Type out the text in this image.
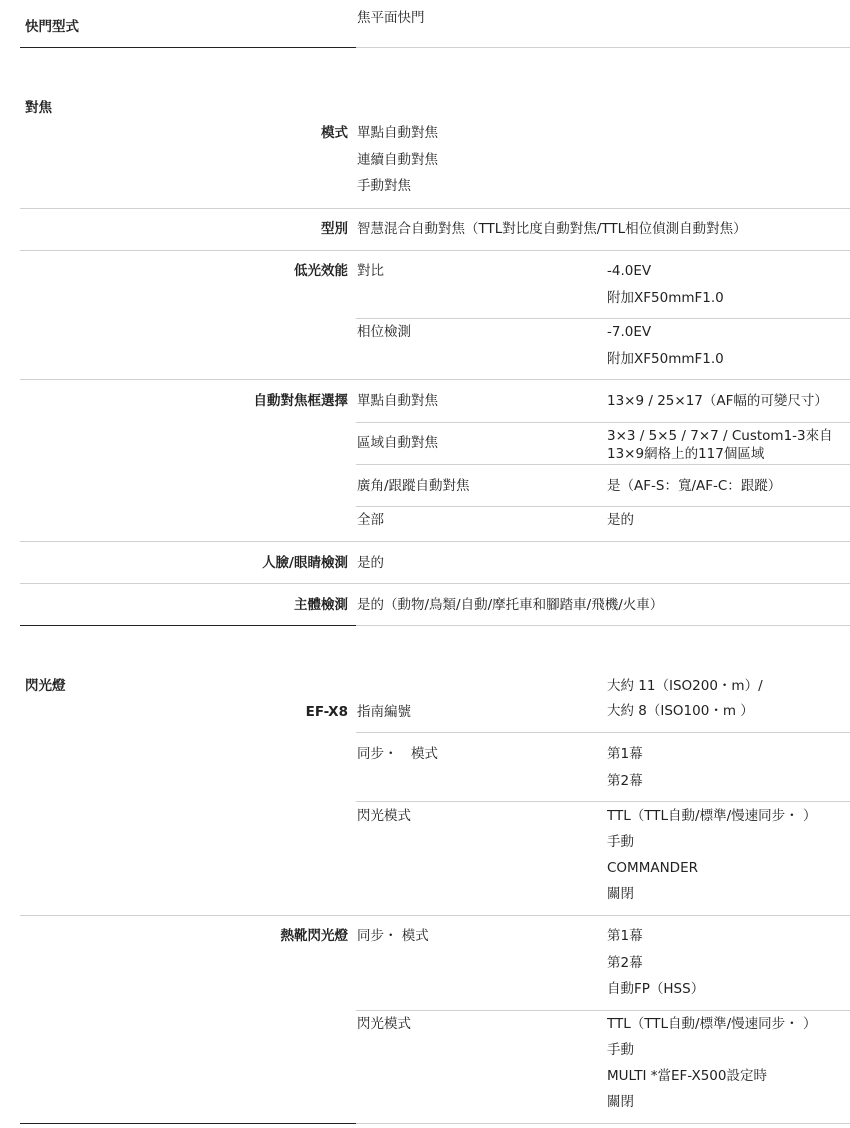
快門型式
焦平面快門
對焦
模式 單點自動對焦
連續自動對焦
手動對焦
型別 智慧混合自動對焦（TTL對比度自動對焦/TTL相位偵測自動對焦）
低光效能 對比	-4.0EV
附加XF50mmF1.0
相位檢測	-7.0EV
附加XF50mmF1.0
自動對焦框選擇 單點自動對焦	13×9 / 25×17（AF幅的可變尺寸）
區域自動對焦	3×3 / 5×5 / 7×7 / Custom1-3來自
13×9網格上的117個區域
廣角/跟蹤自動對焦	是（AF-S：寬/AF-C：跟蹤）
全部	是的
人臉/眼睛檢測 是的
主體檢測 是的（動物/鳥類/自動/摩托車和腳踏車/飛機/火車）
閃光燈
EF-X8 指南編號
大約 11（ISO200・m）/
大約 8（ISO100・m ）
同步・　模式	第1幕
第2幕
閃光模式	TTL（TTL自動/標準/慢速同步・ ）
手動
COMMANDER
關閉
熱靴閃光燈 同步・ 模式	第1幕
第2幕
自動FP（HSS）
閃光模式	TTL（TTL自動/標準/慢速同步・ ）
手動
MULTI *當EF-X500設定時
關閉
